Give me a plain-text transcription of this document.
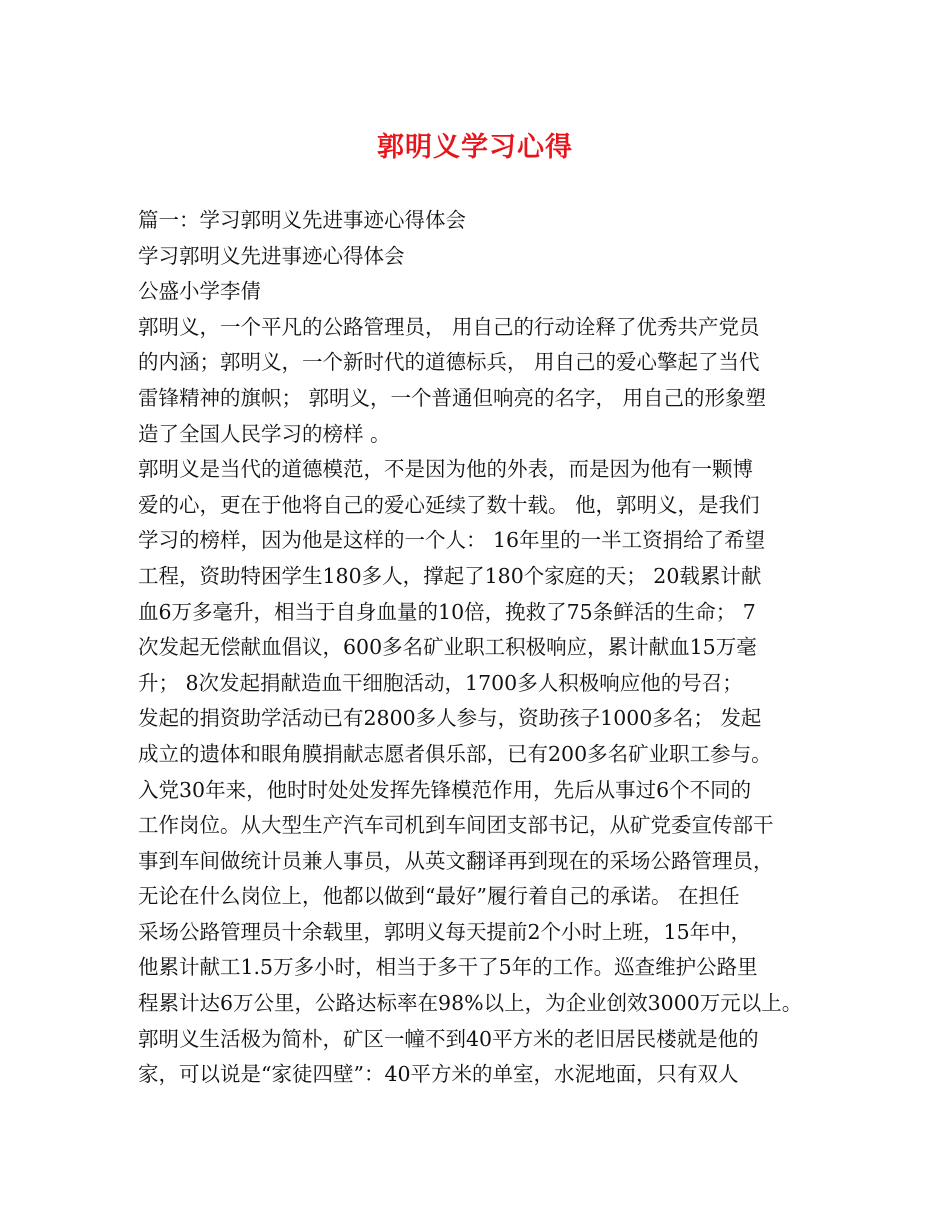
郭明义学习心得
篇一：学习郭明义先进事迹心得体会
学习郭明义先进事迹心得体会
公盛小学李倩
郭明义，一个平凡的公路管理员， 用自己的行动诠释了优秀共产党员
的内涵；郭明义，一个新时代的道德标兵， 用自己的爱心擎起了当代
雷锋精神的旗帜； 郭明义，一个普通但响亮的名字， 用自己的形象塑
造了全国人民学习的榜样 。
郭明义是当代的道德模范，不是因为他的外表，而是因为他有一颗博
爱的心，更在于他将自己的爱心延续了数十载。 他，郭明义，是我们
学习的榜样，因为他是这样的一个人： 16年里的一半工资捐给了希望
工程，资助特困学生180多人，撑起了180个家庭的天； 20载累计献
血6万多毫升，相当于自身血量的10倍，挽救了75条鲜活的生命； 7
次发起无偿献血倡议，600多名矿业职工积极响应，累计献血15万毫
升； 8次发起捐献造血干细胞活动，1700多人积极响应他的号召；
发起的捐资助学活动已有2800多人参与，资助孩子1000多名； 发起
成立的遗体和眼角膜捐献志愿者俱乐部，已有200多名矿业职工参与。
入党30年来，他时时处处发挥先锋模范作用，先后从事过6个不同的
工作岗位。从大型生产汽车司机到车间团支部书记，从矿党委宣传部干
事到车间做统计员兼人事员，从英文翻译再到现在的采场公路管理员，
无论在什么岗位上，他都以做到“最好”履行着自己的承诺。 在担任
采场公路管理员十余载里，郭明义每天提前2个小时上班，15年中，
他累计献工1.5万多小时，相当于多干了5年的工作。巡查维护公路里
程累计达6万公里，公路达标率在98%以上，为企业创效3000万元以上。
郭明义生活极为简朴，矿区一幢不到40平方米的老旧居民楼就是他的
家，可以说是“家徒四壁”：40平方米的单室，水泥地面，只有双人
